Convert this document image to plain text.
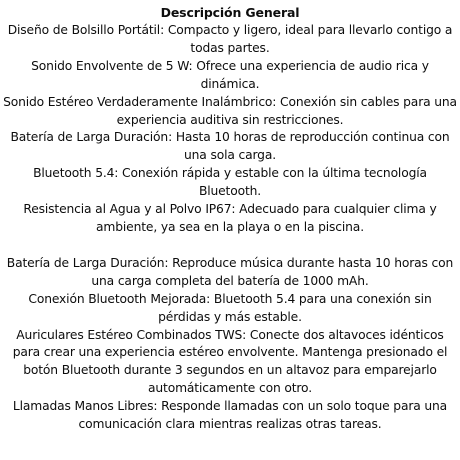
Descripción General

Diseño de Bolsillo Portátil: Compacto y ligero, ideal para llevarlo contigo a todas partes.

Sonido Envolvente de 5 W: Ofrece una experiencia de audio rica y dinámica.

Sonido Estéreo Verdaderamente Inalámbrico: Conexión sin cables para una experiencia auditiva sin restricciones.

Batería de Larga Duración: Hasta 10 horas de reproducción continua con una sola carga.

Bluetooth 5.4: Conexión rápida y estable con la última tecnología Bluetooth.

Resistencia al Agua y al Polvo IP67: Adecuado para cualquier clima y ambiente, ya sea en la playa o en la piscina.

Batería de Larga Duración: Reproduce música durante hasta 10 horas con una carga completa del batería de 1000 mAh.

Conexión Bluetooth Mejorada: Bluetooth 5.4 para una conexión sin pérdidas y más estable.

Auriculares Estéreo Combinados TWS: Conecte dos altavoces idénticos para crear una experiencia estéreo envolvente. Mantenga presionado el botón Bluetooth durante 3 segundos en un altavoz para emparejarlo automáticamente con otro.

Llamadas Manos Libres: Responde llamadas con un solo toque para una comunicación clara mientras realizas otras tareas.
